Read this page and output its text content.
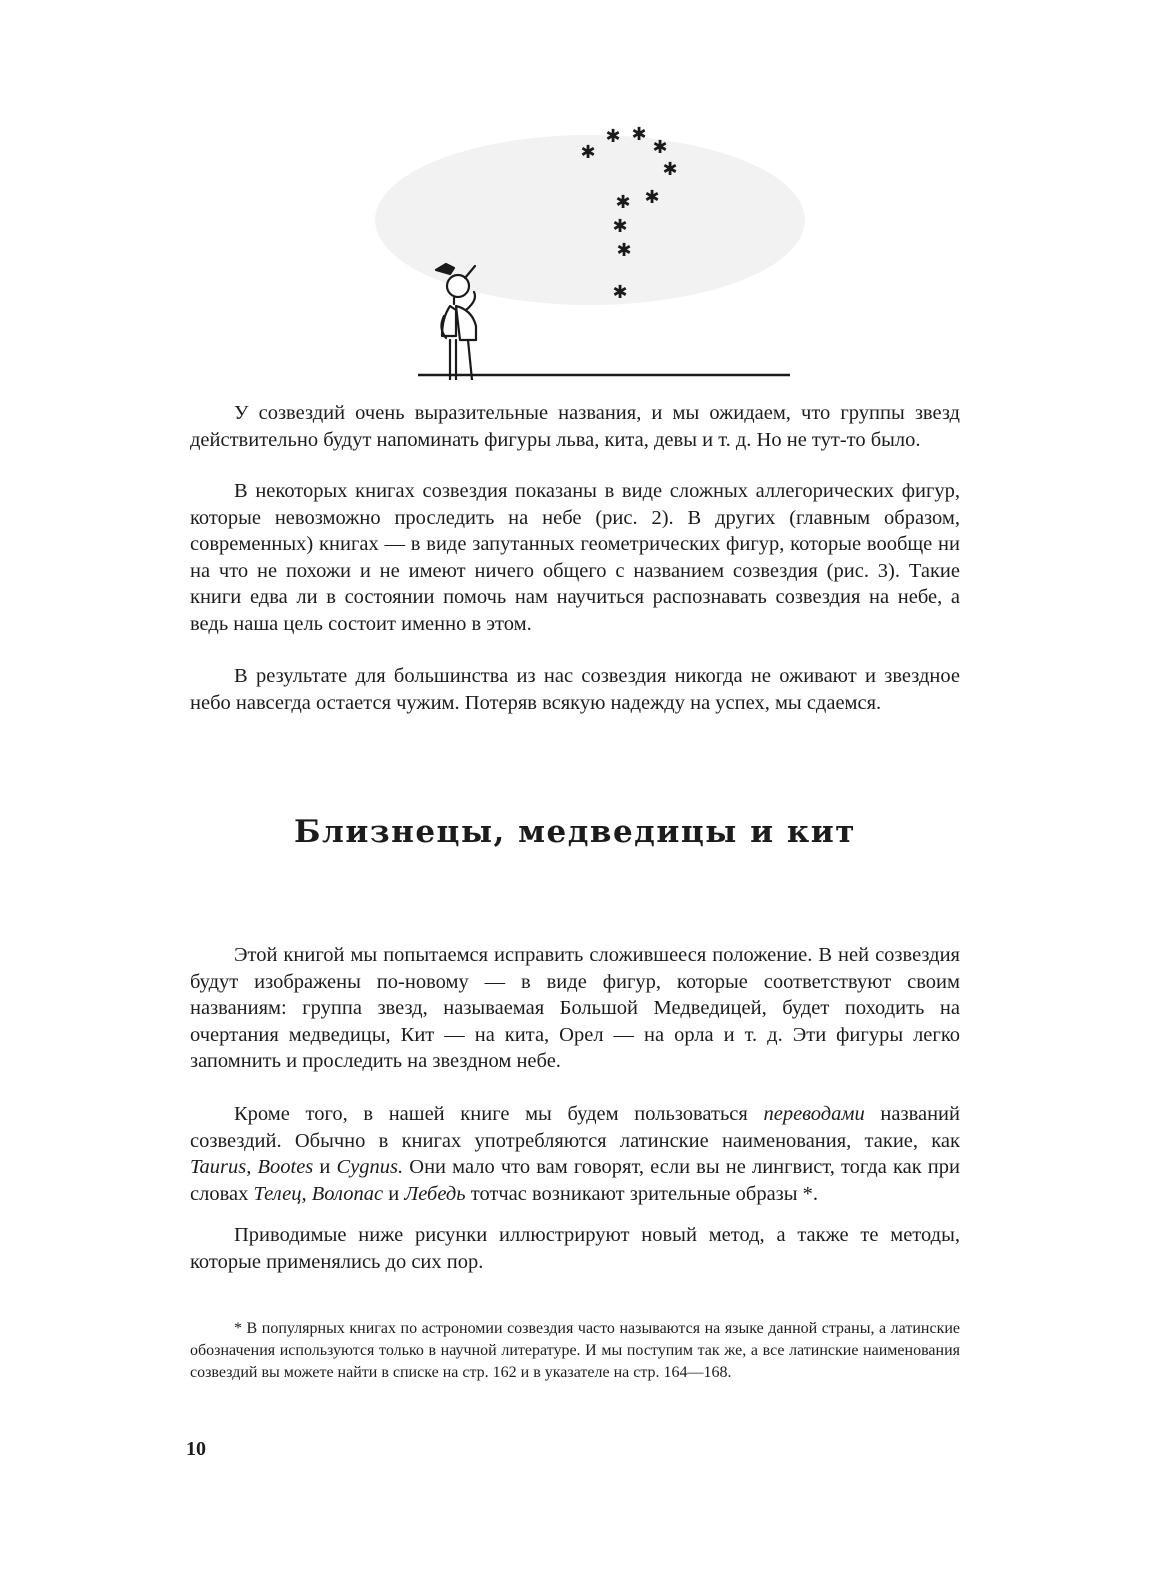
✱
✱ ✱
✱
✱
✱
✱
✱
✱
✱

У созвездий очень выразительные названия, и мы ожидаем, что группы звезд действительно будут напоминать фигуры льва, кита, девы и т. д. Но не тут-то было.

В некоторых книгах созвездия показаны в виде сложных аллегорических фигур, которые невозможно проследить на небе (рис. 2). В других (главным образом, современных) книгах — в виде запутанных геометрических фигур, которые вообще ни на что не похожи и не имеют ничего общего с названием созвездия (рис. 3). Такие книги едва ли в состоянии помочь нам научиться распознавать созвездия на небе, а ведь наша цель состоит именно в этом.

В результате для большинства из нас созвездия никогда не оживают и звездное небо навсегда остается чужим. Потеряв всякую надежду на успех, мы сдаемся.

Близнецы, медведицы и кит

Этой книгой мы попытаемся исправить сложившееся положение. В ней созвездия будут изображены по-новому — в виде фигур, которые соответствуют своим названиям: группа звезд, называемая Большой Медведицей, будет походить на очертания медведицы, Кит — на кита, Орел — на орла и т. д. Эти фигуры легко запомнить и проследить на звездном небе.

Кроме того, в нашей книге мы будем пользоваться переводами названий созвездий. Обычно в книгах употребляются латинские наименования, такие, как Taurus, Bootes и Cygnus. Они мало что вам говорят, если вы не лингвист, тогда как при словах Телец, Волопас и Лебедь тотчас возникают зрительные образы *.

Приводимые ниже рисунки иллюстрируют новый метод, а также те методы, которые применялись до сих пор.

* В популярных книгах по астрономии созвездия часто называются на языке данной страны, а латинские обозначения используются только в научной литературе. И мы поступим так же, а все латинские наименования созвездий вы можете найти в списке на стр. 162 и в указателе на стр. 164—168.

10
